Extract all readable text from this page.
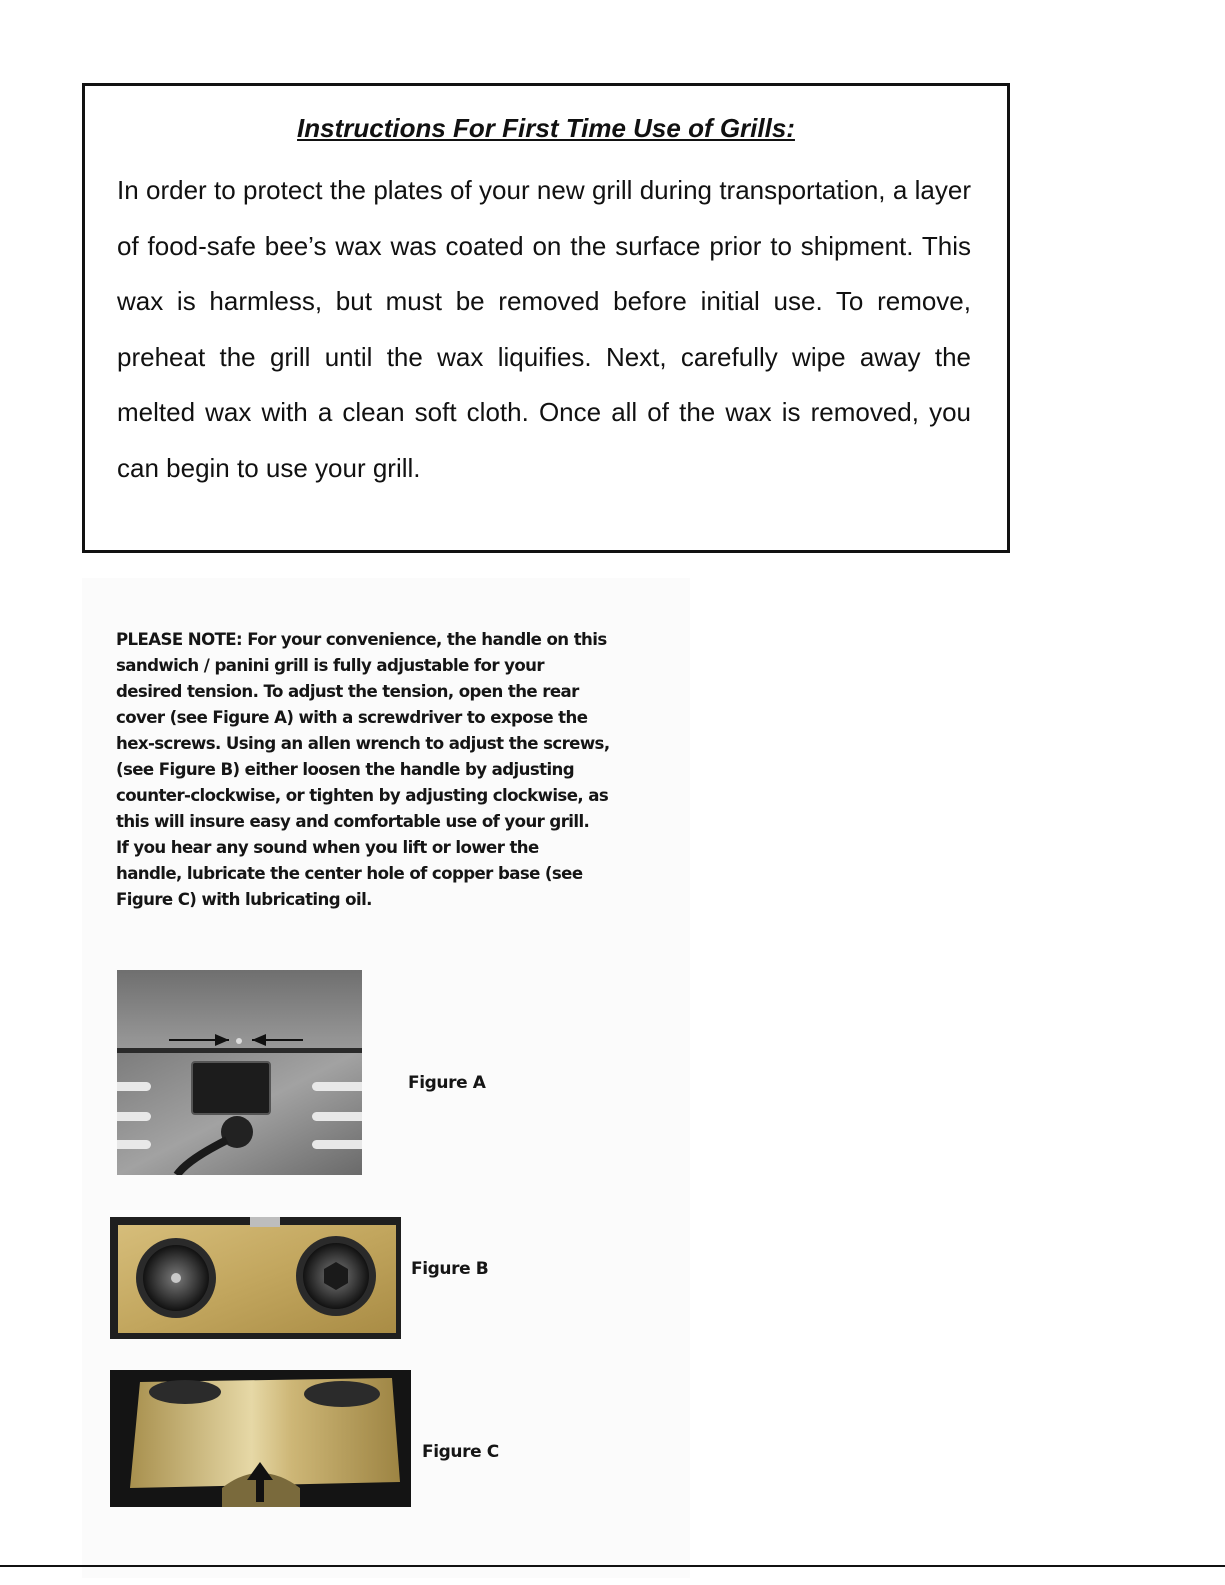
Instructions For First Time Use of Grills:
In order to protect the plates of your new grill during transportation, a layer of food-safe bee’s wax was coated on the surface prior to shipment. This wax is harmless, but must be removed before initial use. To remove, preheat the grill until the wax liquifies. Next, carefully wipe away the melted wax with a clean soft cloth. Once all of the wax is removed, you can begin to use your grill.
PLEASE NOTE: For your convenience, the handle on this
sandwich / panini grill is fully adjustable for your
desired tension. To adjust the tension, open the rear
cover (see Figure A) with a screwdriver to expose the
hex-screws. Using an allen wrench to adjust the screws,
(see Figure B) either loosen the handle by adjusting
counter-clockwise, or tighten by adjusting clockwise, as
this will insure easy and comfortable use of your grill.
If you hear any sound when you lift or lower the
handle, lubricate the center hole of copper base (see
Figure C) with lubricating oil.
Figure A
Figure B
Figure C
